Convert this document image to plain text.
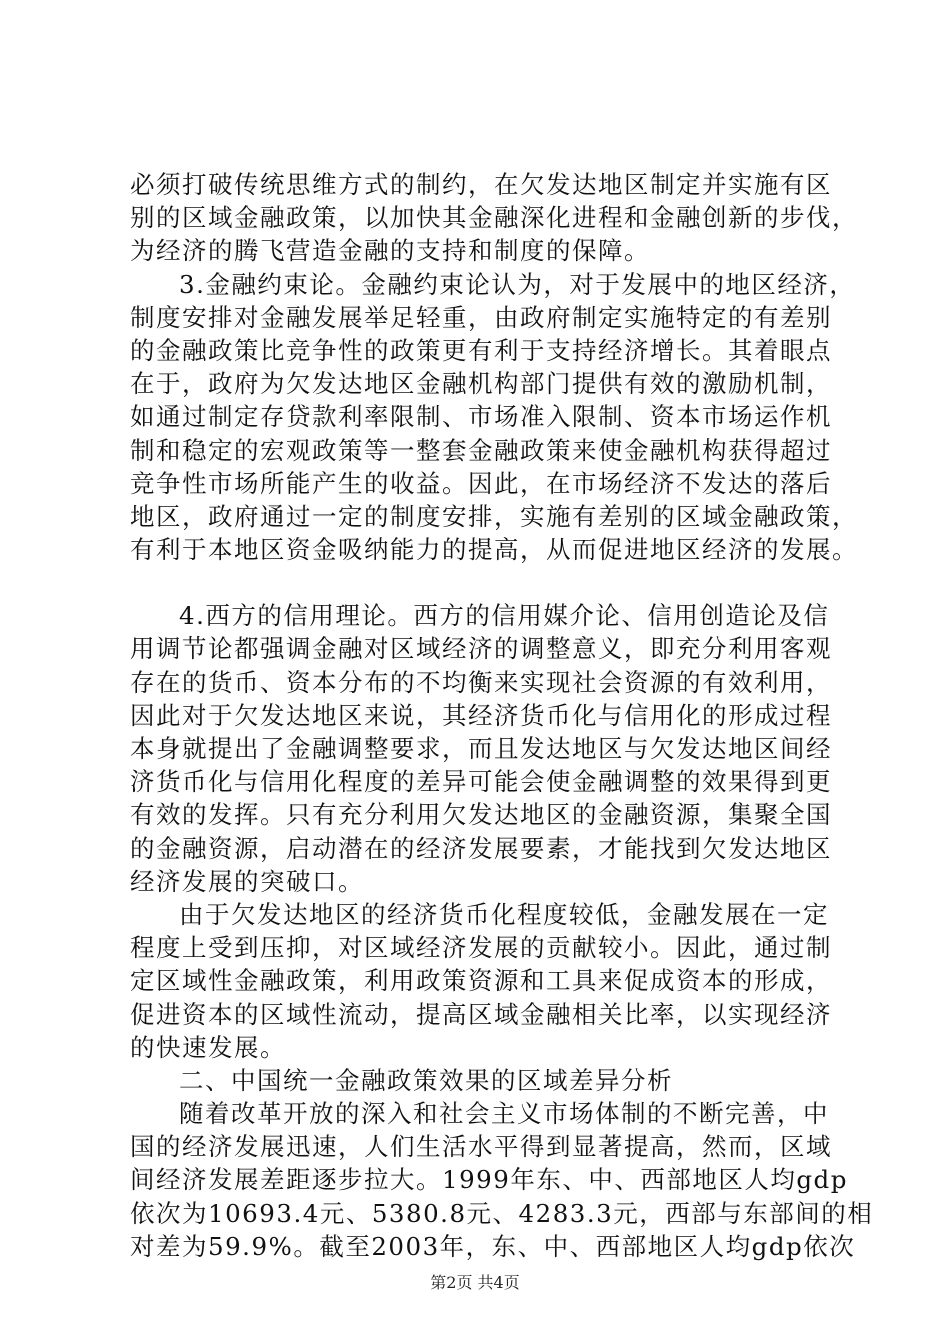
必须打破传统思维方式的制约，在欠发达地区制定并实施有区
别的区域金融政策，以加快其金融深化进程和金融创新的步伐，
为经济的腾飞营造金融的支持和制度的保障。
3.金融约束论。金融约束论认为，对于发展中的地区经济，
制度安排对金融发展举足轻重，由政府制定实施特定的有差别
的金融政策比竞争性的政策更有利于支持经济增长。其着眼点
在于，政府为欠发达地区金融机构部门提供有效的激励机制，
如通过制定存贷款利率限制、市场准入限制、资本市场运作机
制和稳定的宏观政策等一整套金融政策来使金融机构获得超过
竞争性市场所能产生的收益。因此，在市场经济不发达的落后
地区，政府通过一定的制度安排，实施有差别的区域金融政策，
有利于本地区资金吸纳能力的提高，从而促进地区经济的发展。
4.西方的信用理论。西方的信用媒介论、信用创造论及信
用调节论都强调金融对区域经济的调整意义，即充分利用客观
存在的货币、资本分布的不均衡来实现社会资源的有效利用，
因此对于欠发达地区来说，其经济货币化与信用化的形成过程
本身就提出了金融调整要求，而且发达地区与欠发达地区间经
济货币化与信用化程度的差异可能会使金融调整的效果得到更
有效的发挥。只有充分利用欠发达地区的金融资源，集聚全国
的金融资源，启动潜在的经济发展要素，才能找到欠发达地区
经济发展的突破口。
由于欠发达地区的经济货币化程度较低，金融发展在一定
程度上受到压抑，对区域经济发展的贡献较小。因此，通过制
定区域性金融政策，利用政策资源和工具来促成资本的形成，
促进资本的区域性流动，提高区域金融相关比率，以实现经济
的快速发展。
二、中国统一金融政策效果的区域差异分析
随着改革开放的深入和社会主义市场体制的不断完善，中
国的经济发展迅速，人们生活水平得到显著提高，然而，区域
间经济发展差距逐步拉大。1999年东、中、西部地区人均gdp
依次为10693.4元、5380.8元、4283.3元，西部与东部间的相
对差为59.9%。截至2003年，东、中、西部地区人均gdp依次
第2页 共4页
